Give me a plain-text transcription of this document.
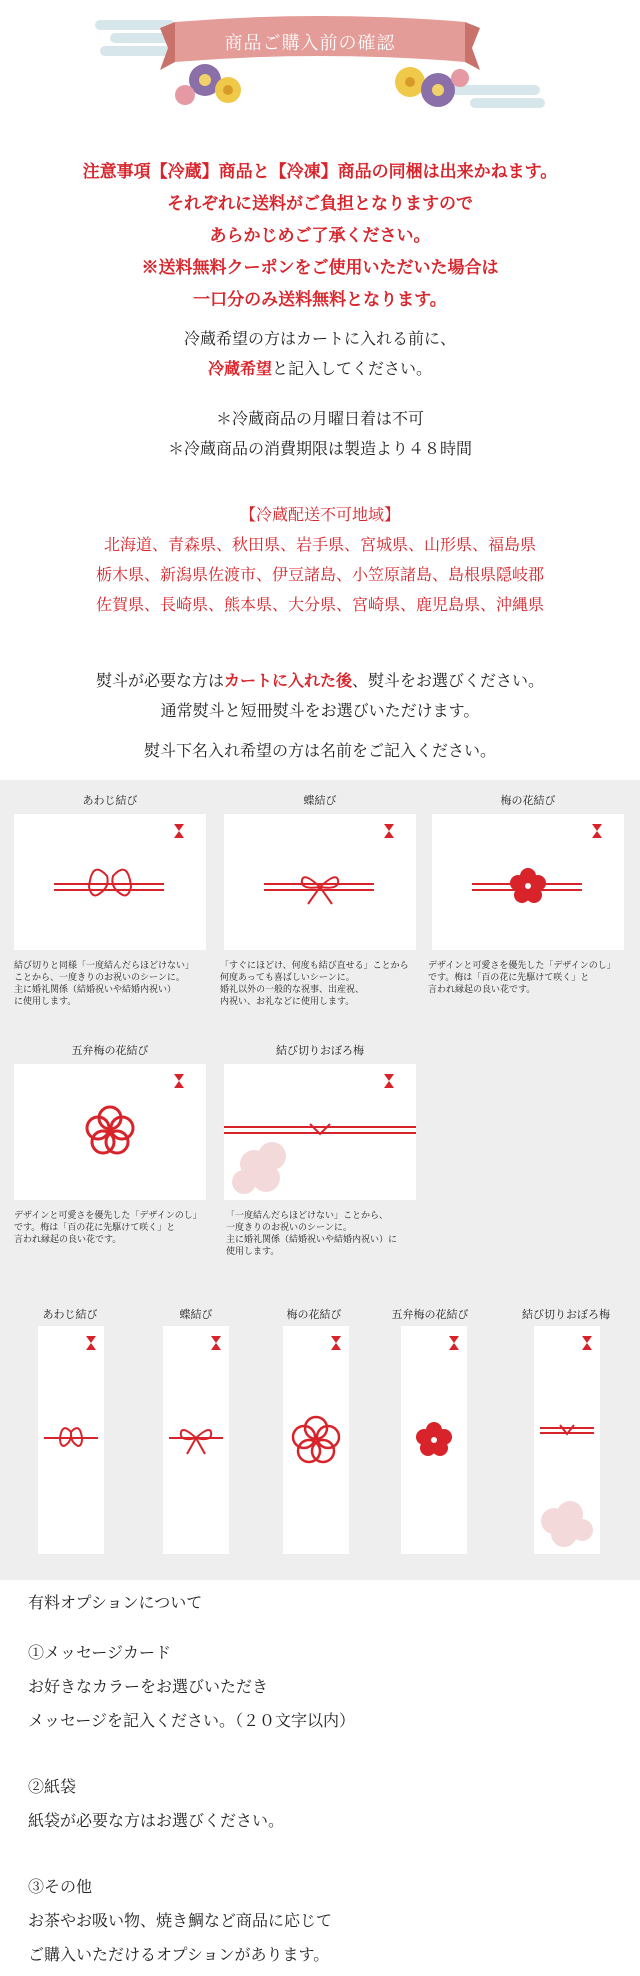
商品ご購入前の確認
注意事項【冷蔵】商品と【冷凍】商品の同梱は出来かねます。
それぞれに送料がご負担となりますので
あらかじめご了承ください。
※送料無料クーポンをご使用いただいた場合は
一口分のみ送料無料となります。
冷蔵希望の方はカートに入れる前に、
冷蔵希望と記入してください。
＊冷蔵商品の月曜日着は不可
＊冷蔵商品の消費期限は製造より４８時間
【冷蔵配送不可地域】
北海道、青森県、秋田県、岩手県、宮城県、山形県、福島県
栃木県、新潟県佐渡市、伊豆諸島、小笠原諸島、島根県隠岐郡
佐賀県、長崎県、熊本県、大分県、宮崎県、鹿児島県、沖縄県
熨斗が必要な方はカートに入れた後、熨斗をお選びください。
通常熨斗と短冊熨斗をお選びいただけます。
熨斗下名入れ希望の方は名前をご記入ください。
あわじ結び
結び切りと同様「一度結んだらほどけない」
ことから、一度きりのお祝いのシーンに。
主に婚礼関係（結婚祝いや結婚内祝い）
に使用します。
蝶結び
「すぐにほどけ、何度も結び直せる」ことから
何度あっても喜ばしいシーンに。
婚礼以外の一般的な祝事、出産祝、
内祝い、お礼などに使用します。
梅の花結び
デザインと可愛さを優先した「デザインのし」
です。梅は「百の花に先駆けて咲く」と
言われ縁起の良い花です。
五弁梅の花結び
デザインと可愛さを優先した「デザインのし」
です。梅は「百の花に先駆けて咲く」と
言われ縁起の良い花です。
結び切りおぼろ梅
「一度結んだらほどけない」ことから、
一度きりのお祝いのシーンに。
主に婚礼関係（結婚祝いや結婚内祝い）に
使用します。
あわじ結び	蝶結び	梅の花結び	五弁梅の花結び	結び切りおぼろ梅
有料オプションについて
①メッセージカード
お好きなカラーをお選びいただき
メッセージを記入ください。（２０文字以内）
②紙袋
紙袋が必要な方はお選びください。
③その他
お茶やお吸い物、焼き鯛など商品に応じて
ご購入いただけるオプションがあります。
